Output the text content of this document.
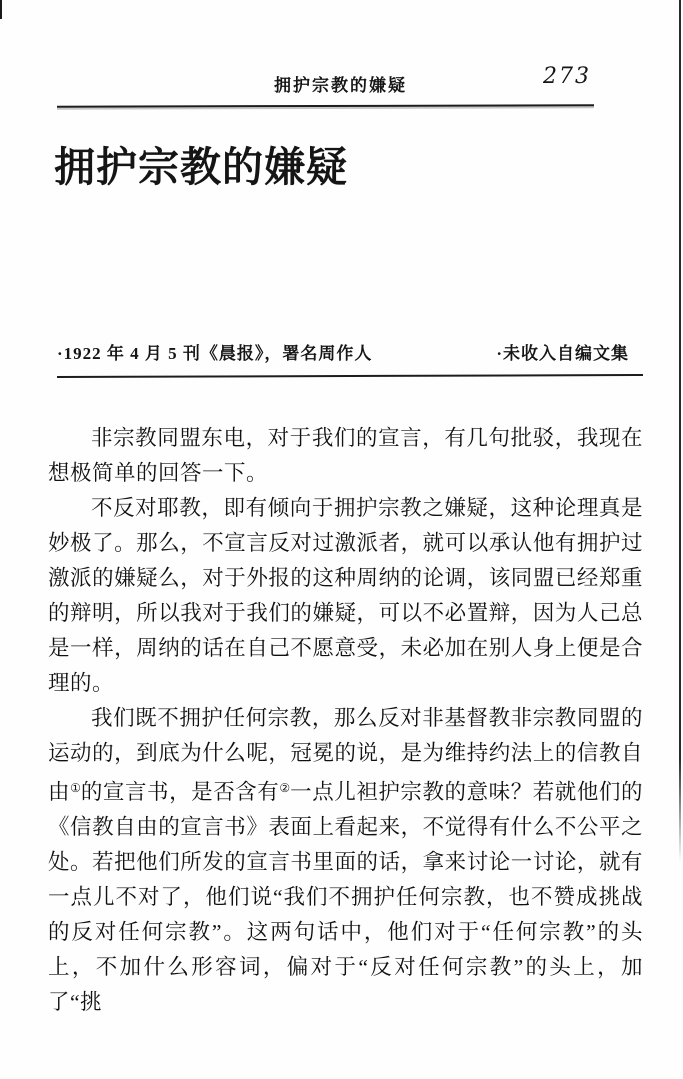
拥护宗教的嫌疑	273
拥护宗教的嫌疑
·1922 年 4 月 5 刊《晨报》，署名周作人	·未收入自编文集

非宗教同盟东电，对于我们的宣言，有几句批驳，我现在想极简单的回答一下。

不反对耶教，即有倾向于拥护宗教之嫌疑，这种论理真是妙极了。那么，不宣言反对过激派者，就可以承认他有拥护过激派的嫌疑么，对于外报的这种周纳的论调，该同盟已经郑重的辩明，所以我对于我们的嫌疑，可以不必置辩，因为人己总是一样，周纳的话在自己不愿意受，未必加在别人身上便是合理的。

我们既不拥护任何宗教，那么反对非基督教非宗教同盟的运动的，到底为什么呢，冠冕的说，是为维持约法上的信教自由①的宣言书，是否含有②一点儿袒护宗教的意味？若就他们的《信教自由的宣言书》表面上看起来，不觉得有什么不公平之处。若把他们所发的宣言书里面的话，拿来讨论一讨论，就有一点儿不对了，他们说“我们不拥护任何宗教，也不赞成挑战的反对任何宗教”。这两句话中，他们对于“任何宗教”的头上，不加什么形容词，偏对于“反对任何宗教”的头上，加了“挑
